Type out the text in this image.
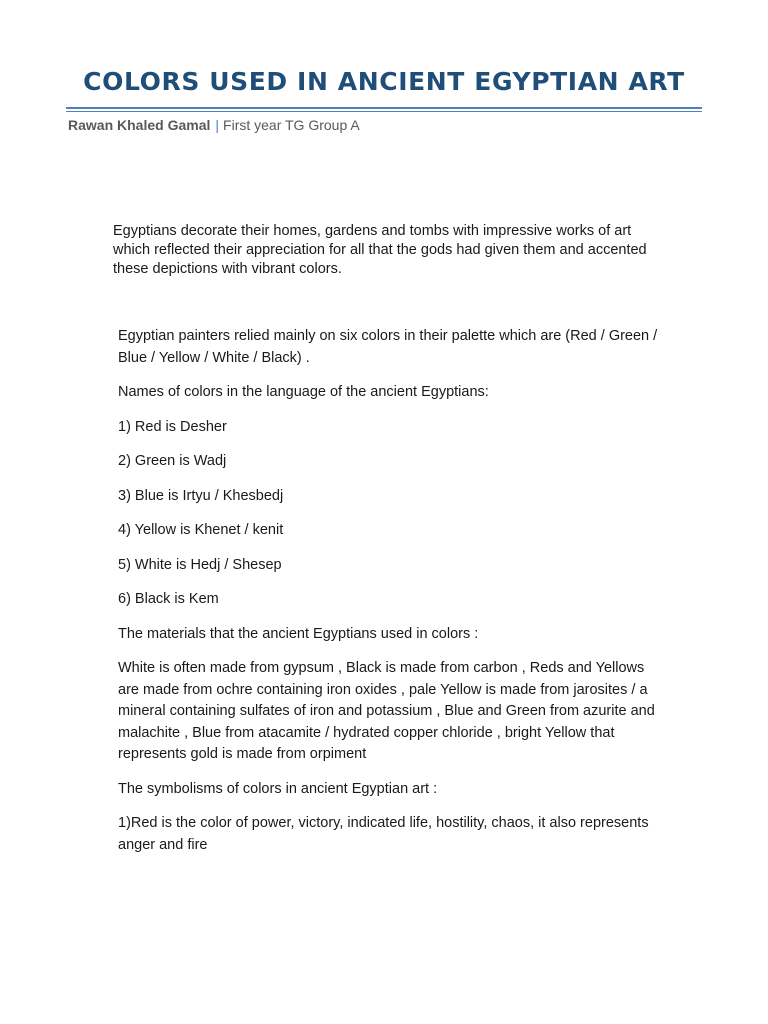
COLORS USED IN ANCIENT EGYPTIAN ART
Rawan Khaled Gamal | First year TG Group A

Egyptians decorate their homes, gardens and tombs with impressive works of art which reflected their appreciation for all that the gods had given them and accented these depictions with vibrant colors.

Egyptian painters relied mainly on six colors in their palette which are (Red / Green / Blue / Yellow / White / Black) .

Names of colors in the language of the ancient Egyptians:

1) Red is Desher

2) Green is Wadj

3) Blue is Irtyu / Khesbedj

4) Yellow is Khenet / kenit

5) White is Hedj / Shesep

6) Black is Kem

The materials that the ancient Egyptians used in colors :

White is often made from gypsum , Black is made from carbon , Reds and Yellows are made from ochre containing iron oxides , pale Yellow is made from jarosites / a mineral containing sulfates of iron and potassium , Blue and Green from azurite and malachite , Blue from atacamite / hydrated copper chloride , bright Yellow that represents gold is made from orpiment

The symbolisms of colors in ancient Egyptian art :

1)Red is the color of power, victory, indicated life, hostility, chaos, it also represents anger and fire
